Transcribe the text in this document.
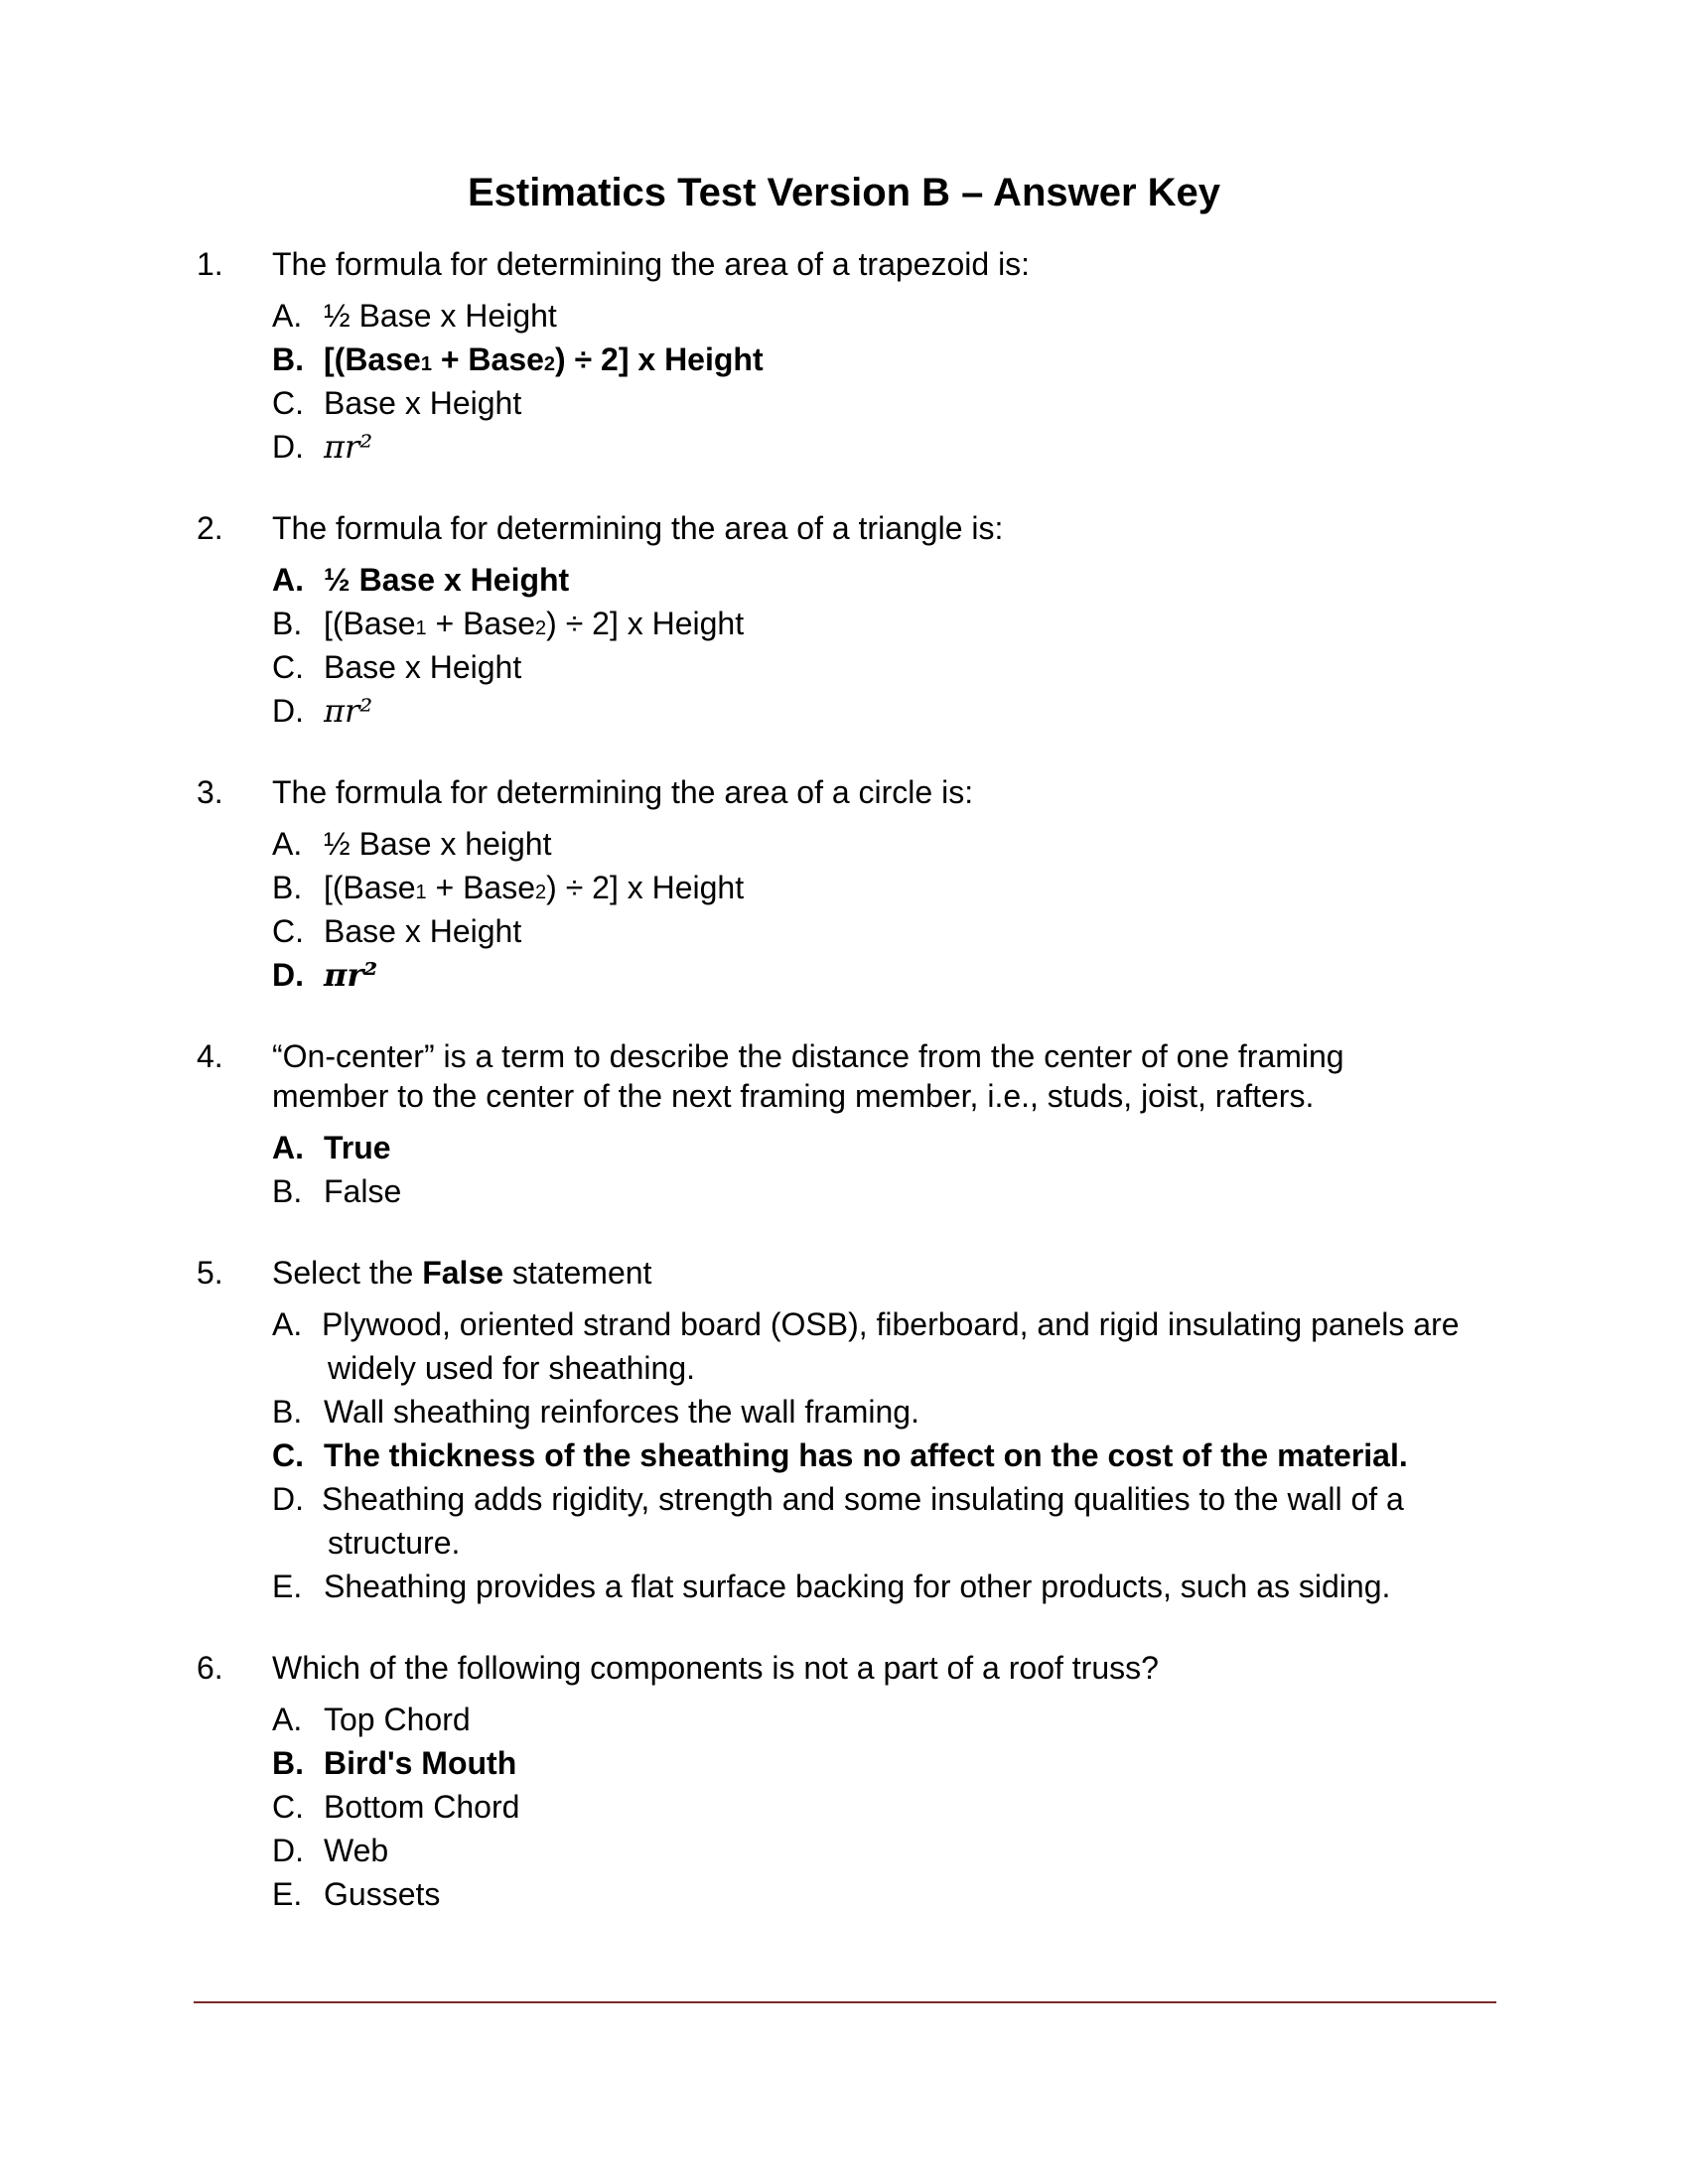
Estimatics Test Version B – Answer Key
1. The formula for determining the area of a trapezoid is:
A. ½ Base x Height
B. [(Base1 + Base2) ÷ 2] x Height
C. Base x Height
D. πr²
2. The formula for determining the area of a triangle is:
A. ½ Base x Height
B. [(Base1 + Base2) ÷ 2] x Height
C. Base x Height
D. πr²
3. The formula for determining the area of a circle is:
A. ½ Base x height
B. [(Base1 + Base2) ÷ 2] x Height
C. Base x Height
D. πr²
4. “On-center” is a term to describe the distance from the center of one framing member to the center of the next framing member, i.e., studs, joist, rafters.
A. True
B. False
5. Select the False statement
A. Plywood, oriented strand board (OSB), fiberboard, and rigid insulating panels are widely used for sheathing.
B. Wall sheathing reinforces the wall framing.
C. The thickness of the sheathing has no affect on the cost of the material.
D. Sheathing adds rigidity, strength and some insulating qualities to the wall of a structure.
E. Sheathing provides a flat surface backing for other products, such as siding.
6. Which of the following components is not a part of a roof truss?
A. Top Chord
B. Bird's Mouth
C. Bottom Chord
D. Web
E. Gussets
